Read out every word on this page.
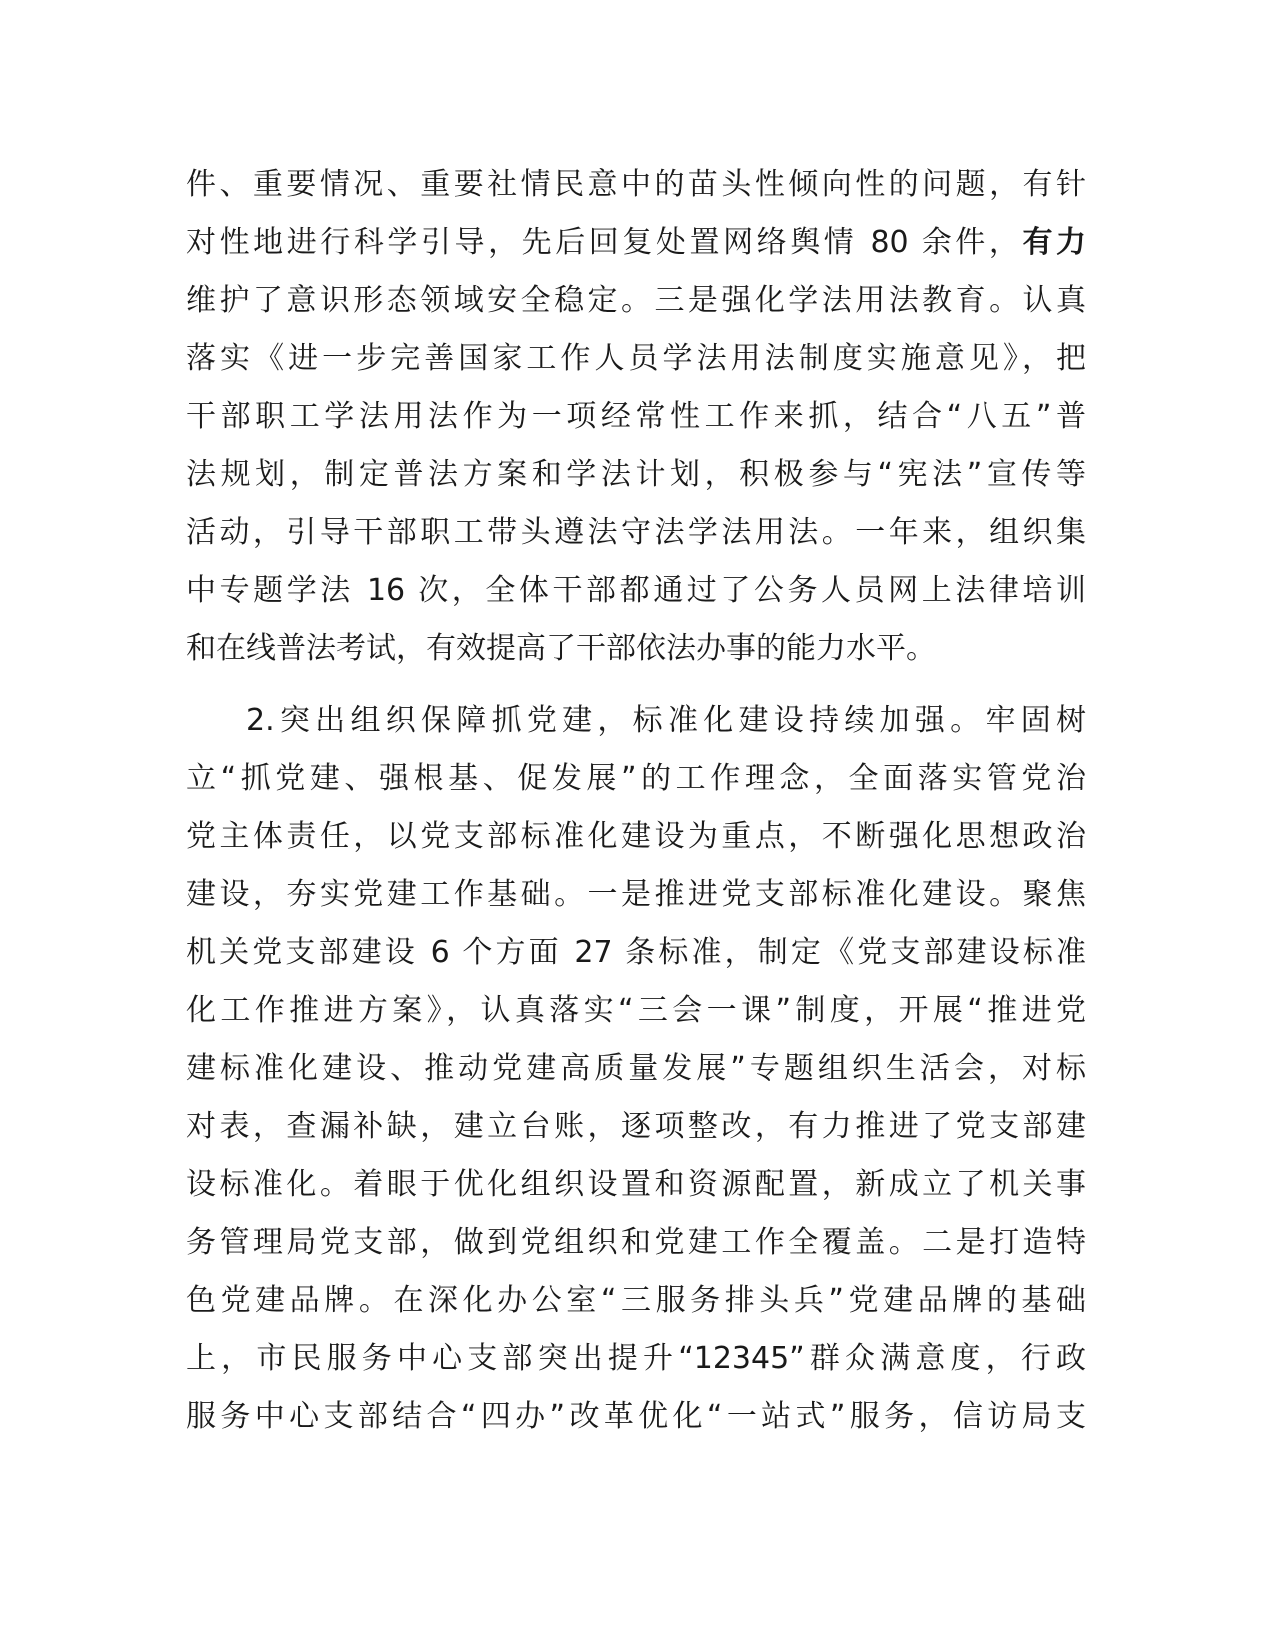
件、重要情况、重要社情民意中的苗头性倾向性的问题，有针
对性地进行科学引导，先后回复处置网络舆情 80 余件，有力
维护了意识形态领域安全稳定。三是强化学法用法教育。认真
落实《进一步完善国家工作人员学法用法制度实施意见》，把
干部职工学法用法作为一项经常性工作来抓，结合“八五”普
法规划，制定普法方案和学法计划，积极参与“宪法”宣传等
活动，引导干部职工带头遵法守法学法用法。一年来，组织集
中专题学法 16 次，全体干部都通过了公务人员网上法律培训
和在线普法考试，有效提高了干部依法办事的能力水平。
2.突出组织保障抓党建，标准化建设持续加强。牢固树
立“抓党建、强根基、促发展”的工作理念，全面落实管党治
党主体责任，以党支部标准化建设为重点，不断强化思想政治
建设，夯实党建工作基础。一是推进党支部标准化建设。聚焦
机关党支部建设 6 个方面 27 条标准，制定《党支部建设标准
化工作推进方案》，认真落实“三会一课”制度，开展“推进党
建标准化建设、推动党建高质量发展”专题组织生活会，对标
对表，查漏补缺，建立台账，逐项整改，有力推进了党支部建
设标准化。着眼于优化组织设置和资源配置，新成立了机关事
务管理局党支部，做到党组织和党建工作全覆盖。二是打造特
色党建品牌。在深化办公室“三服务排头兵”党建品牌的基础
上，市民服务中心支部突出提升“12345”群众满意度，行政
服务中心支部结合“四办”改革优化“一站式”服务，信访局支
